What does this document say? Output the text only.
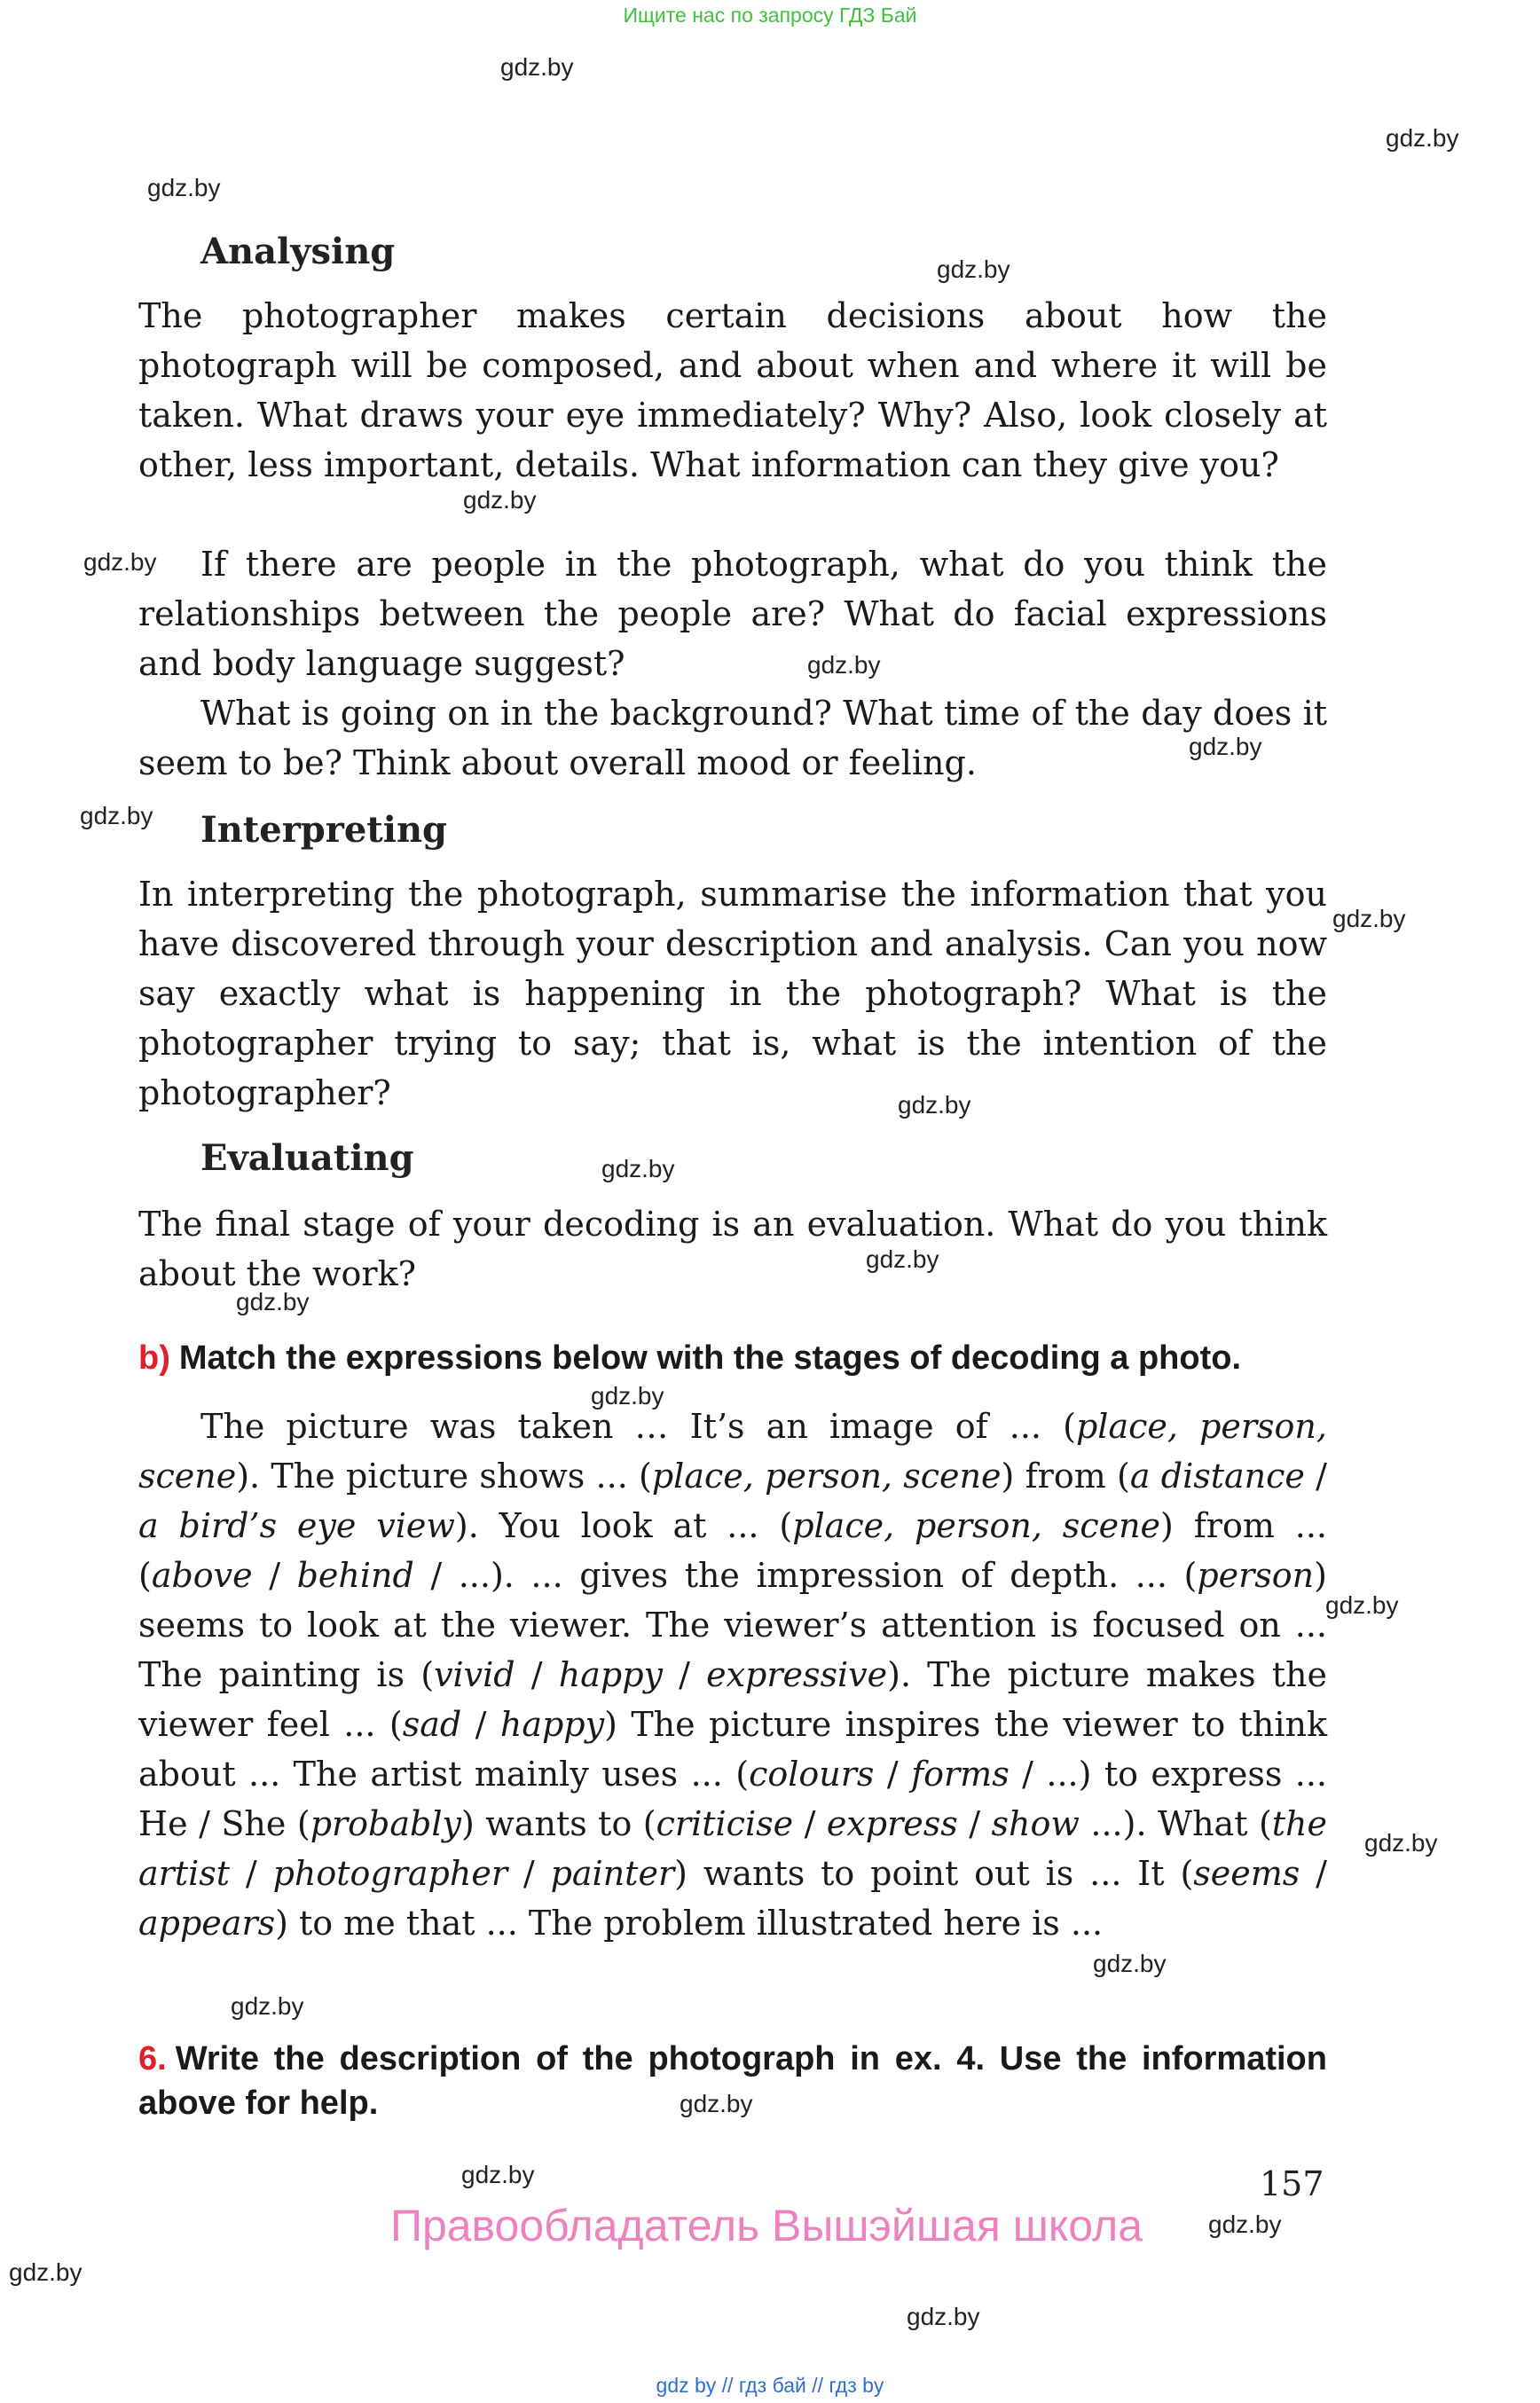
Ищите нас по запросу ГДЗ Бай
gdz.by
gdz.by
gdz.by
gdz.by
gdz.by
gdz.by
gdz.by
gdz.by
gdz.by
gdz.by
gdz.by
gdz.by
gdz.by
gdz.by
gdz.by
gdz.by
gdz.by
gdz.by
gdz.by
gdz.by
gdz.by
gdz.by
gdz.by
gdz.by
Analysing
The photographer makes certain decisions about how the photograph will be composed, and about when and where it will be taken. What draws your eye immediately? Why? Also, look closely at other, less important, details. What information can they give you?
If there are people in the photograph, what do you think the relationships between the people are? What do facial expressions and body language suggest?
What is going on in the background? What time of the day does it seem to be? Think about overall mood or feeling.
Interpreting
In interpreting the photograph, summarise the information that you have discovered through your description and analysis. Can you now say exactly what is happening in the photograph? What is the photographer trying to say; that is, what is the intention of the photographer?
Evaluating
The final stage of your decoding is an evaluation. What do you think about the work?
b) Match the expressions below with the stages of decoding a photo.
The picture was taken … It’s an image of ... (place, person, scene). The picture shows ... (place, person, scene) from (a distance / a bird’s eye view). You look at ... (place, person, scene) from ... (above / behind / ...). ... gives the impression of depth. ... (person) seems to look at the viewer. The viewer’s attention is focused on ... The painting is (vivid / happy / expressive). The picture makes the viewer feel ... (sad / happy) The picture inspires the viewer to think about ... The artist mainly uses ... (colours / forms / ...) to express ... He / She (probably) wants to (criticise / express / show ...). What (the artist / photographer / painter) wants to point out is ... It (seems / appears) to me that ... The problem illustrated here is ...
6. Write the description of the photograph in ex. 4. Use the information above for help.
157
Правообладатель Вышэйшая школа
gdz by // гдз бай // гдз by
